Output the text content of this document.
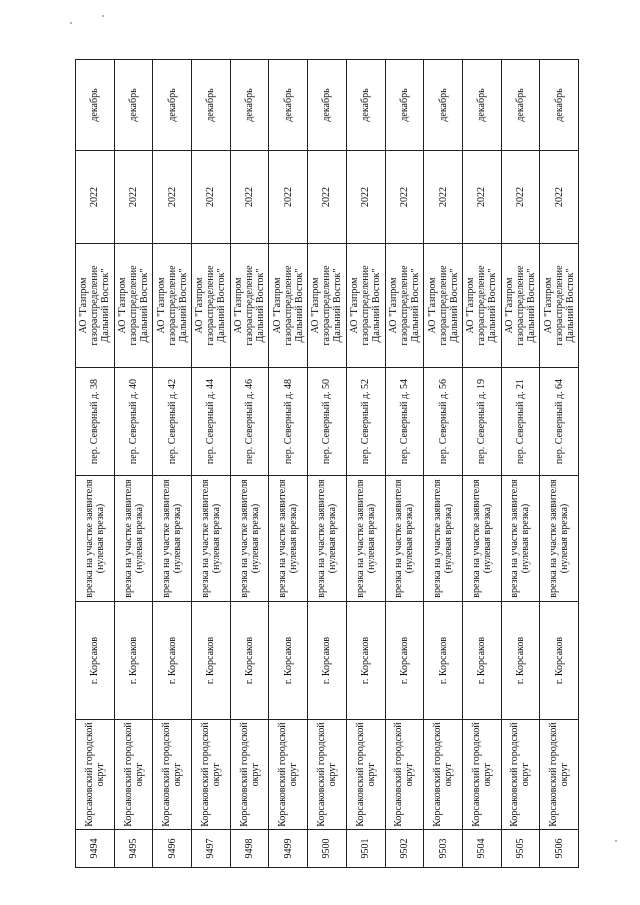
9494	Корсаковский городской округ	г. Корсаков	врезка на участке заявителя (нулевая врезка)	пер. Северный д. 38	АО "Газпром газораспределение Дальний Восток"	2022	декабрь
9495	Корсаковский городской округ	г. Корсаков	врезка на участке заявителя (нулевая врезка)	пер. Северный д. 40	АО "Газпром газораспределение Дальний Восток"	2022	декабрь
9496	Корсаковский городской округ	г. Корсаков	врезка на участке заявителя (нулевая врезка)	пер. Северный д. 42	АО "Газпром газораспределение Дальний Восток"	2022	декабрь
9497	Корсаковский городской округ	г. Корсаков	врезка на участке заявителя (нулевая врезка)	пер. Северный д. 44	АО "Газпром газораспределение Дальний Восток"	2022	декабрь
9498	Корсаковский городской округ	г. Корсаков	врезка на участке заявителя (нулевая врезка)	пер. Северный д. 46	АО "Газпром газораспределение Дальний Восток"	2022	декабрь
9499	Корсаковский городской округ	г. Корсаков	врезка на участке заявителя (нулевая врезка)	пер. Северный д. 48	АО "Газпром газораспределение Дальний Восток"	2022	декабрь
9500	Корсаковский городской округ	г. Корсаков	врезка на участке заявителя (нулевая врезка)	пер. Северный д. 50	АО "Газпром газораспределение Дальний Восток"	2022	декабрь
9501	Корсаковский городской округ	г. Корсаков	врезка на участке заявителя (нулевая врезка)	пер. Северный д. 52	АО "Газпром газораспределение Дальний Восток"	2022	декабрь
9502	Корсаковский городской округ	г. Корсаков	врезка на участке заявителя (нулевая врезка)	пер. Северный д. 54	АО "Газпром газораспределение Дальний Восток"	2022	декабрь
9503	Корсаковский городской округ	г. Корсаков	врезка на участке заявителя (нулевая врезка)	пер. Северный д. 56	АО "Газпром газораспределение Дальний Восток"	2022	декабрь
9504	Корсаковский городской округ	г. Корсаков	врезка на участке заявителя (нулевая врезка)	пер. Северный д. 19	АО "Газпром газораспределение Дальний Восток"	2022	декабрь
9505	Корсаковский городской округ	г. Корсаков	врезка на участке заявителя (нулевая врезка)	пер. Северный д. 21	АО "Газпром газораспределение Дальний Восток"	2022	декабрь
9506	Корсаковский городской округ	г. Корсаков	врезка на участке заявителя (нулевая врезка)	пер. Северный д. 64	АО "Газпром газораспределение Дальний Восток"	2022	декабрь
